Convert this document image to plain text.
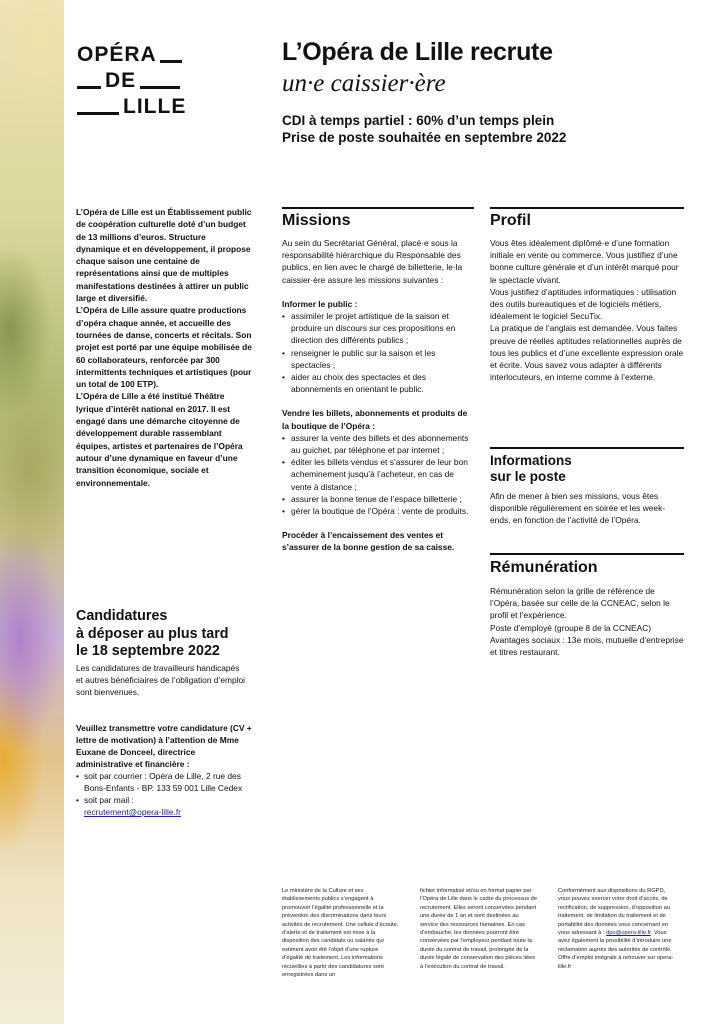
OPÉRA
DE
LILLE
L’Opéra de Lille recrute
un·e caissier·ère
CDI à temps partiel : 60% d’un temps plein
Prise de poste souhaitée en septembre 2022

L’Opéra de Lille est un Établissement public de coopération culturelle doté d’un budget de 13 millions d’euros. Structure dynamique et en développement, il propose chaque saison une centaine de représentations ainsi que de multiples manifestations destinées à attirer un public large et diversifié.

L’Opéra de Lille assure quatre productions d’opéra chaque année, et accueille des tournées de danse, concerts et récitals. Son projet est porté par une équipe mobilisée de 60 collaborateurs, renforcée par 300 intermittents techniques et artistiques (pour un total de 100 ETP).

L’Opéra de Lille a été institué Théâtre lyrique d’intérêt national en 2017. Il est engagé dans une démarche citoyenne de développement durable rassemblant équipes, artistes et partenaires de l’Opéra autour d’une dynamique en faveur d’une transition économique, sociale et environnementale.

Candidatures
à déposer au plus tard
le 18 septembre 2022
Les candidatures de travailleurs handicapés et autres bénéficiaires de l’obligation d’emploi sont bienvenues.
Veuillez transmettre votre candidature (CV + lettre de motivation) à l’attention de Mme Euxane de Donceel, directrice administrative et financière :
• soit par courrier : Opéra de Lille, 2 rue des Bons-Enfants - BP. 133 59 001 Lille Cedex
• soit par mail :
recrutement@opera-lille.fr
Missions

Au sein du Secrétariat Général, placé·e sous la responsabilité hiérarchique du Responsable des publics, en lien avec le chargé de billetterie, le·la caissier·ère assure les missions suivantes :

Informer le public :
• assimiler le projet artistique de la saison et produire un discours sur ces propositions en direction des différents publics ;
• renseigner le public sur la saison et les spectacles ;
• aider au choix des spectacles et des abonnements en orientant le public.
Vendre les billets, abonnements et produits de la boutique de l’Opéra :
• assurer la vente des billets et des abonnements au guichet, par téléphone et par internet ;
• éditer les billets vendus et s’assurer de leur bon acheminement jusqu’à l’acheteur, en cas de vente à distance ;
• assurer la bonne tenue de l’espace billetterie ;
• gérer la boutique de l’Opéra : vente de produits.

Procéder à l’encaissement des ventes et s’assurer de la bonne gestion de sa caisse.

Profil
Vous êtes idéalement diplômé·e d’une formation initiale en vente ou commerce. Vous justifiez d’une bonne culture générale et d’un intérêt marqué pour le spectacle vivant.
Vous justifiez d’aptitudes informatiques : utilisation des outils bureautiques et de logiciels métiers, idéalement le logiciel SecuTix.
La pratique de l’anglais est demandée. Vous faites preuve de réelles aptitudes relationnelles auprès de tous les publics et d’une excellente expression orale et écrite. Vous savez vous adapter à différents interlocuteurs, en interne comme à l’externe.
Informations
sur le poste
Afin de mener à bien ses missions, vous êtes disponible régulièrement en soirée et les week-ends, en fonction de l’activité de l’Opéra.
Rémunération
Rémunération selon la grille de référence de l’Opéra, basée sur celle de la CCNEAC, selon le profil et l’expérience.
Poste d’employé (groupe 8 de la CCNEAC)
Avantages sociaux : 13e mois, mutuelle d’entreprise et titres restaurant.
Le ministère de la Culture et ses établissements publics s’engagent à promouvoir l’égalité professionnelle et la prévention des discriminations dans leurs activités de recrutement. Une cellule d’écoute, d’alerte et de traitement est mise à la disposition des candidats ou salariés qui estiment avoir été l’objet d’une rupture d’égalité de traitement. Les informations recueillies à partir des candidatures sont enregistrées dans un
fichier informatisé et/ou en format papier par l’Opéra de Lille dans le cadre du processus de recrutement. Elles seront conservées pendant une durée de 1 an et sont destinées au service des ressources humaines. En cas d’embauche, les données pourront être conservées par l’employeur pendant toute la durée du contrat de travail, prolongée de la durée légale de conservation des pièces liées à l’exécution du contrat de travail.
Conformément aux dispositions du RGPD, vous pouvez exercer votre droit d’accès, de rectification, de suppression, d’opposition au traitement, de limitation du traitement et de portabilité des données vous concernant en vous adressant à : dpo@opera-lille.fr. Vous avez également la possibilité d’introduire une réclamation auprès des autorités de contrôle. Offre d’emploi intégrale à retrouver sur opera-lille.fr
